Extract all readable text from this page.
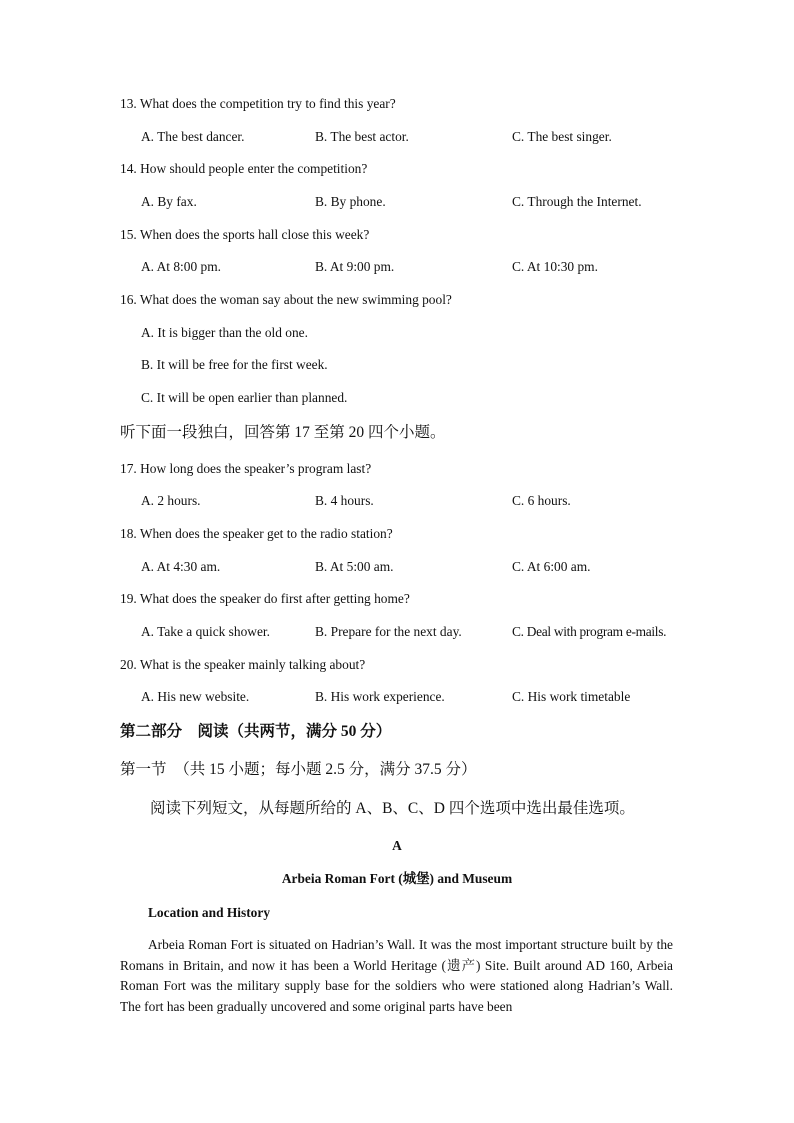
13. What does the competition try to find this year?
A. The best dancer.	B. The best actor.	C. The best singer.
14. How should people enter the competition?
A. By fax.	B. By phone.	C. Through the Internet.
15. When does the sports hall close this week?
A. At 8:00 pm.	B. At 9:00 pm.	C. At 10:30 pm.
16. What does the woman say about the new swimming pool?
A. It is bigger than the old one.
B. It will be free for the first week.
C. It will be open earlier than planned.
听下面一段独白，回答第 17 至第 20 四个小题。
17. How long does the speaker’s program last?
A. 2 hours.	B. 4 hours.	C. 6 hours.
18. When does the speaker get to the radio station?
A. At 4:30 am.	B. At 5:00 am.	C. At 6:00 am.
19. What does the speaker do first after getting home?
A. Take a quick shower.	B. Prepare for the next day.	C. Deal with program e-mails.
20. What is the speaker mainly talking about?
A. His new website.	B. His work experience.	C. His work timetable
第二部分　阅读（共两节，满分 50 分）
第一节　（共 15 小题；每小题 2.5 分，满分 37.5 分）
阅读下列短文，从每题所给的 A、B、C、D 四个选项中选出最佳选项。
A
Arbeia Roman Fort (城堡) and Museum
Location and History

Arbeia Roman Fort is situated on Hadrian’s Wall. It was the most important structure built by the Romans in Britain, and now it has been a World Heritage (遗产) Site. Built around AD 160, Arbeia Roman Fort was the military supply base for the soldiers who were stationed along Hadrian’s Wall. The fort has been gradually uncovered and some original parts have been
